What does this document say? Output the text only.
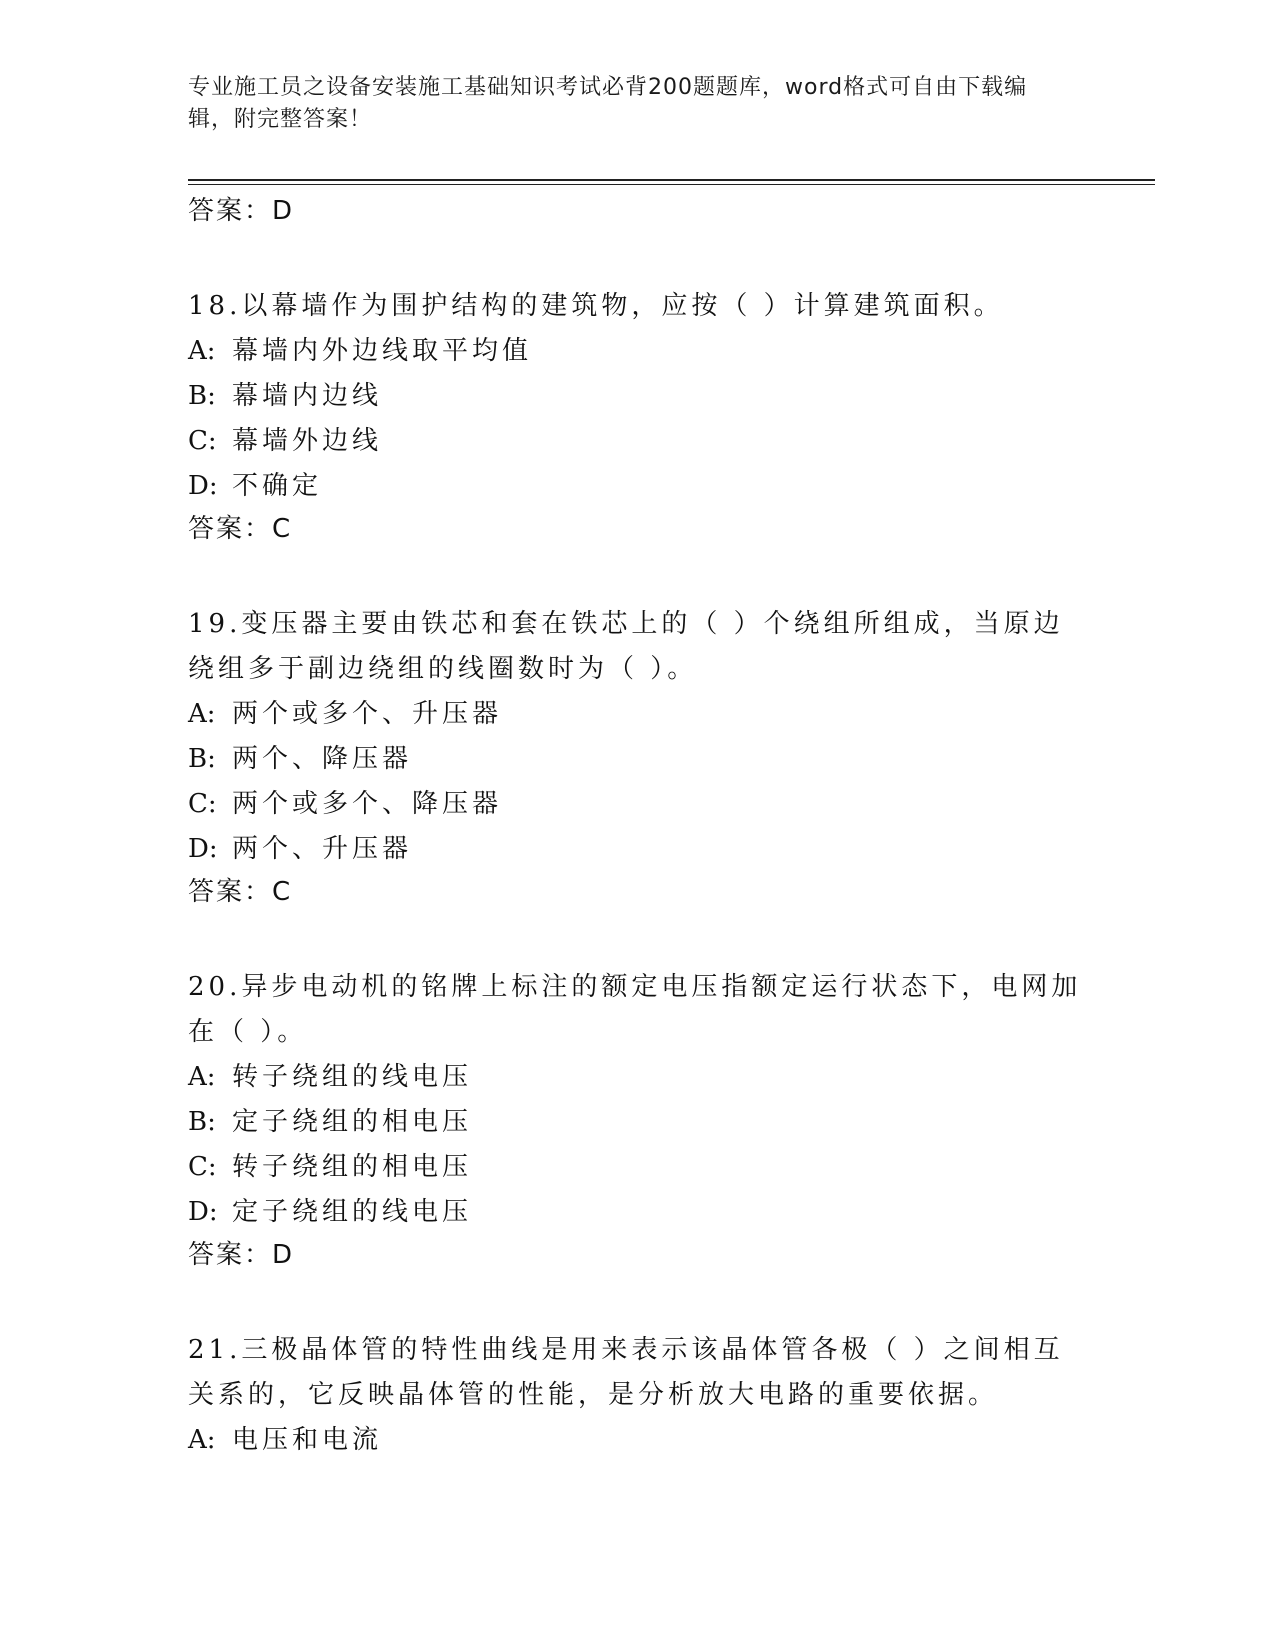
专业施工员之设备安装施工基础知识考试必背200题题库，word格式可自由下载编辑，附完整答案！
答案：D

18.以幕墙作为围护结构的建筑物，应按（ ）计算建筑面积。

A: 幕墙内外边线取平均值
B: 幕墙内边线
C: 幕墙外边线
D: 不确定
答案：C

19.变压器主要由铁芯和套在铁芯上的（ ）个绕组所组成，当原边绕组多于副边绕组的线圈数时为（ ）。

A: 两个或多个、升压器
B: 两个、降压器
C: 两个或多个、降压器
D: 两个、升压器
答案：C

20.异步电动机的铭牌上标注的额定电压指额定运行状态下，电网加在（ ）。

A: 转子绕组的线电压
B: 定子绕组的相电压
C: 转子绕组的相电压
D: 定子绕组的线电压
答案：D

21.三极晶体管的特性曲线是用来表示该晶体管各极（ ）之间相互关系的，它反映晶体管的性能，是分析放大电路的重要依据。

A: 电压和电流
